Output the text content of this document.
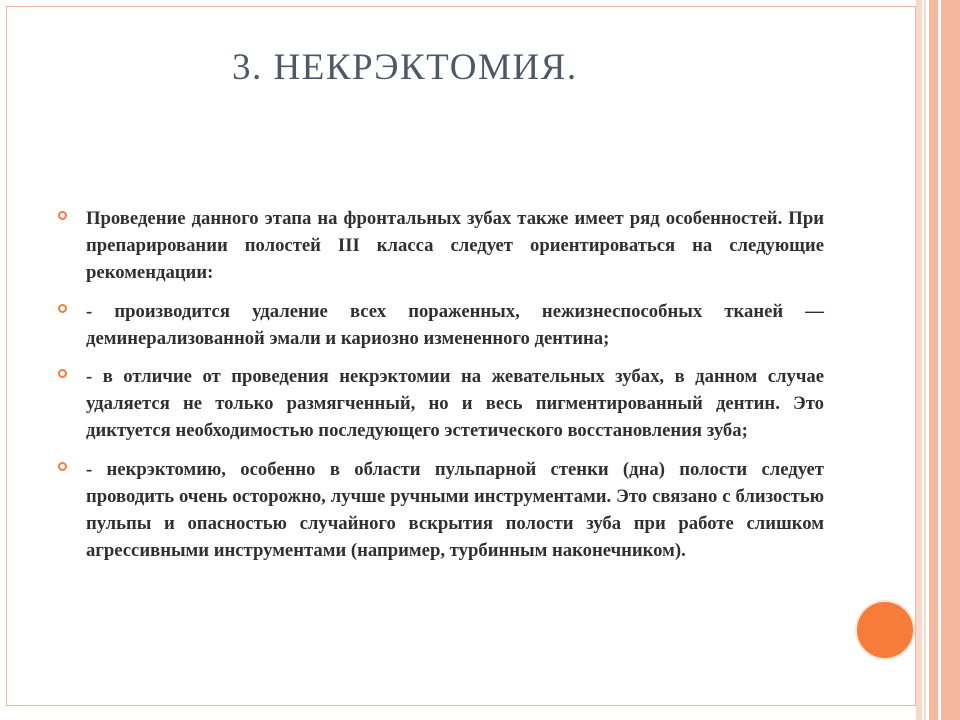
3. НЕКРЭКТОМИЯ.
Проведение данного этапа на фронтальных зубах также имеет ряд особенностей. При препарировании полостей III класса следует ориентироваться на следующие рекомендации:
- производится удаление всех пораженных, нежизнеспособных тканей — деминерализованной эмали и кариозно измененного дентина;
- в отличие от проведения некрэктомии на жевательных зубах, в данном случае удаляется не только размягченный, но и весь пигментированный дентин. Это диктуется необходимостью последующего эстетического восстановления зуба;
- некрэктомию, особенно в области пульпарной стенки (дна) полости следует проводить очень осторожно, лучше ручными инструментами. Это связано с близостью пульпы и опасностью случайного вскрытия полости зуба при работе слишком агрессивными инструментами (например, турбинным наконечником).
